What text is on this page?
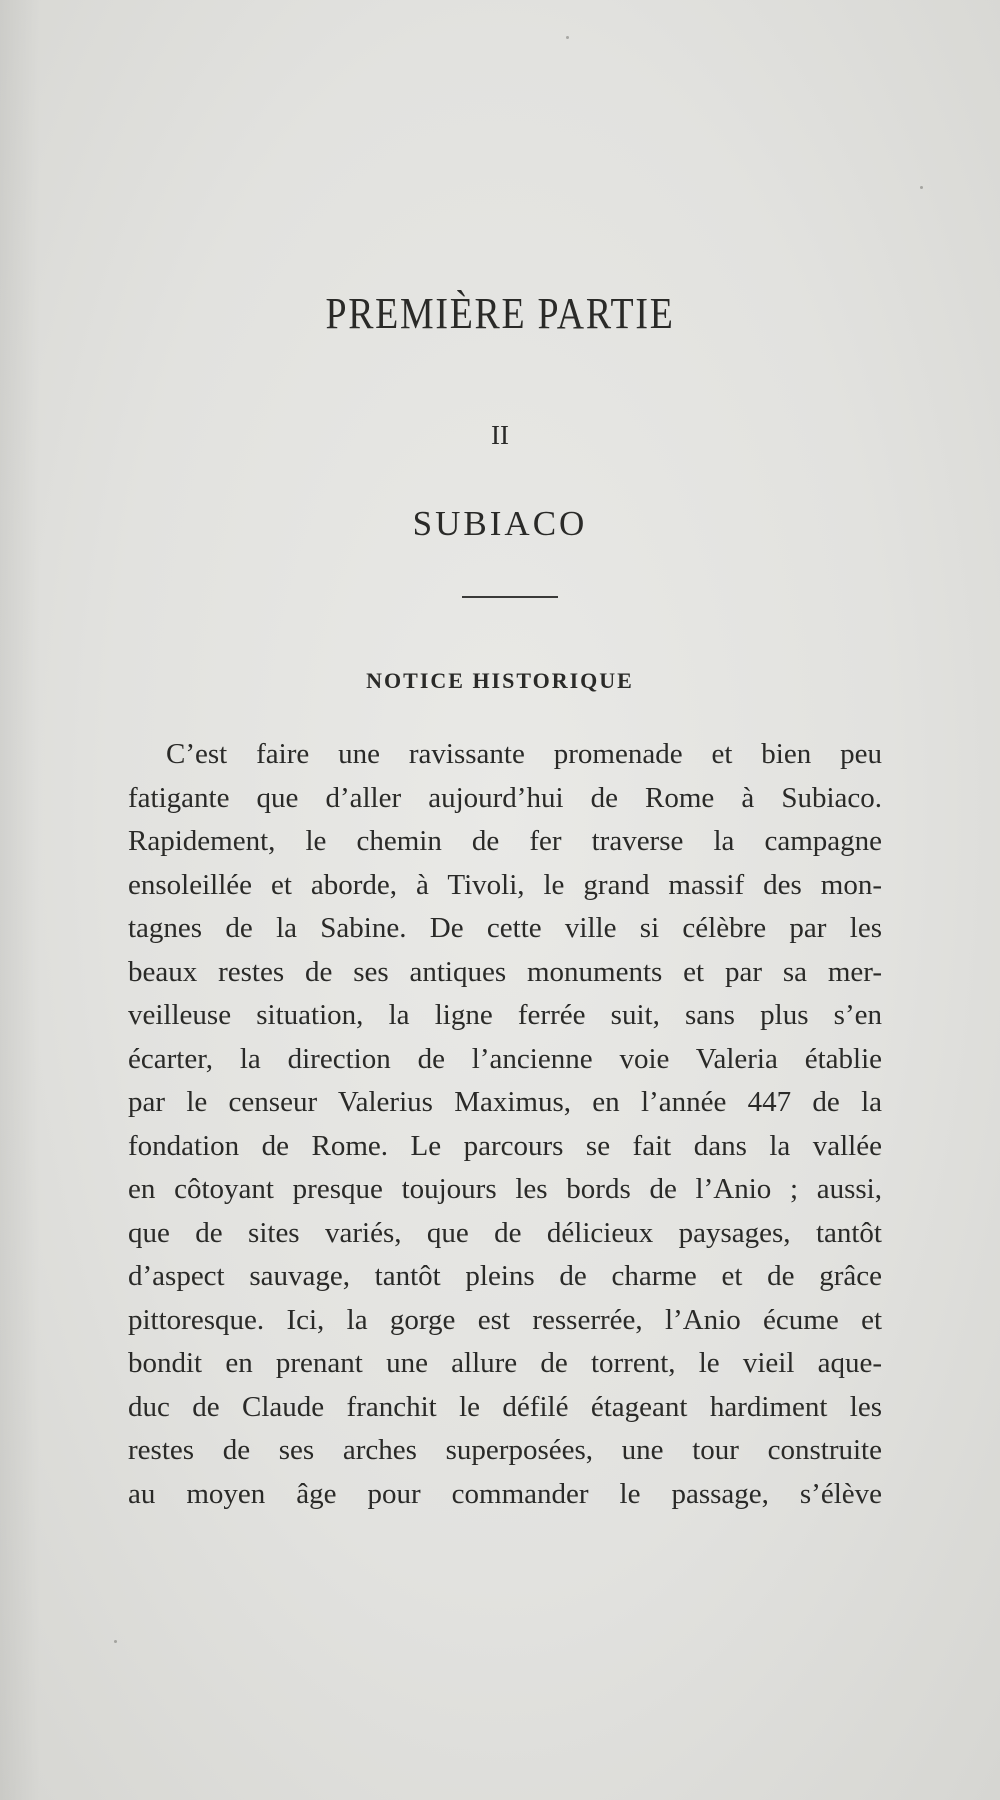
PREMIÈRE PARTIE
II
SUBIACO
NOTICE HISTORIQUE
C’est faire une ravissante promenade et bien peu
fatigante que d’aller aujourd’hui de Rome à Subiaco.
Rapidement, le chemin de fer traverse la campagne
ensoleillée et aborde, à Tivoli, le grand massif des mon-
tagnes de la Sabine. De cette ville si célèbre par les
beaux restes de ses antiques monuments et par sa mer-
veilleuse situation, la ligne ferrée suit, sans plus s’en
écarter, la direction de l’ancienne voie Valeria établie
par le censeur Valerius Maximus, en l’année 447 de la
fondation de Rome. Le parcours se fait dans la vallée
en côtoyant presque toujours les bords de l’Anio ; aussi,
que de sites variés, que de délicieux paysages, tantôt
d’aspect sauvage, tantôt pleins de charme et de grâce
pittoresque. Ici, la gorge est resserrée, l’Anio écume et
bondit en prenant une allure de torrent, le vieil aque-
duc de Claude franchit le défilé étageant hardiment les
restes de ses arches superposées, une tour construite
au moyen âge pour commander le passage, s’élève
